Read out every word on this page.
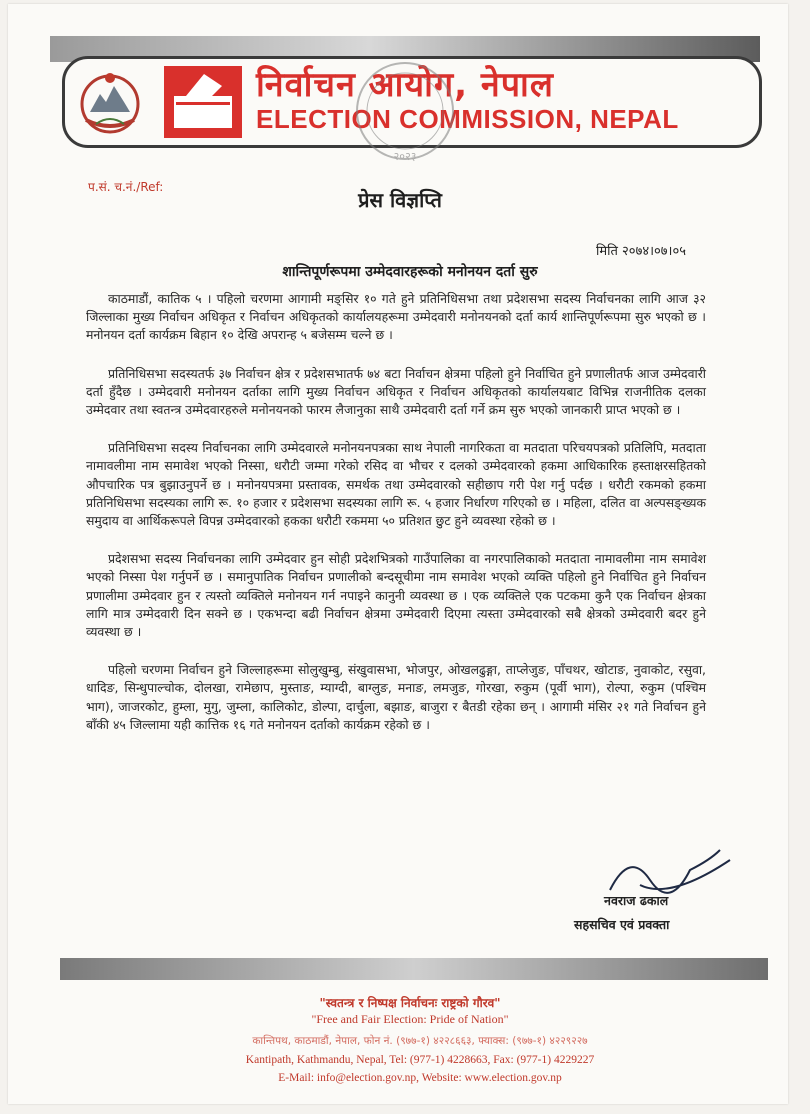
निर्वाचन आयोग, नेपाल
ELECTION COMMISSION, NEPAL
२०२३
प.सं. च.नं./Ref:
प्रेस विज्ञप्ति
मिति २०७४।०७।०५
शान्तिपूर्णरूपमा उम्मेदवारहरूको मनोनयन दर्ता सुरु

काठमाडौं, कातिक ५ । पहिलो चरणमा आगामी मङ्सिर १० गते हुने प्रतिनिधिसभा तथा प्रदेशसभा सदस्य निर्वाचनका लागि आज ३२ जिल्लाका मुख्य निर्वाचन अधिकृत र निर्वाचन अधिकृतको कार्यालयहरूमा उम्मेदवारी मनोनयनको दर्ता कार्य शान्तिपूर्णरूपमा सुरु भएको छ । मनोनयन दर्ता कार्यक्रम बिहान १० देखि अपरान्ह ५ बजेसम्म चल्ने छ ।

प्रतिनिधिसभा सदस्यतर्फ ३७ निर्वाचन क्षेत्र र प्रदेशसभातर्फ ७४ बटा निर्वाचन क्षेत्रमा पहिलो हुने निर्वाचित हुने प्रणालीतर्फ आज उम्मेदवारी दर्ता हुँदैछ । उम्मेदवारी मनोनयन दर्ताका लागि मुख्य निर्वाचन अधिकृत र निर्वाचन अधिकृतको कार्यालयबाट विभिन्न राजनीतिक दलका उम्मेदवार तथा स्वतन्त्र उम्मेदवारहरुले मनोनयनको फारम लैजानुका साथै उम्मेदवारी दर्ता गर्ने क्रम सुरु भएको जानकारी प्राप्त भएको छ ।

प्रतिनिधिसभा सदस्य निर्वाचनका लागि उम्मेदवारले मनोनयनपत्रका साथ नेपाली नागरिकता वा मतदाता परिचयपत्रको प्रतिलिपि, मतदाता नामावलीमा नाम समावेश भएको निस्सा, धरौटी जम्मा गरेको रसिद वा भौचर र दलको उम्मेदवारको हकमा आधिकारिक हस्ताक्षरसहितको औपचारिक पत्र बुझाउनुपर्ने छ । मनोनयपत्रमा प्रस्तावक, समर्थक तथा उम्मेदवारको सहीछाप गरी पेश गर्नु पर्दछ । धरौटी रकमको हकमा प्रतिनिधिसभा सदस्यका लागि रू. १० हजार र प्रदेशसभा सदस्यका लागि रू. ५ हजार निर्धारण गरिएको छ । महिला, दलित वा अल्पसङ्ख्यक समुदाय वा आर्थिकरूपले विपन्न उम्मेदवारको हकका धरौटी रकममा ५० प्रतिशत छुट हुने व्यवस्था रहेको छ ।

प्रदेशसभा सदस्य निर्वाचनका लागि उम्मेदवार हुन सोही प्रदेशभित्रको गाउँपालिका वा नगरपालिकाको मतदाता नामावलीमा नाम समावेश भएको निस्सा पेश गर्नुपर्ने छ । समानुपातिक निर्वाचन प्रणालीको बन्दसूचीमा नाम समावेश भएको व्यक्ति पहिलो हुने निर्वाचित हुने निर्वाचन प्रणालीमा उम्मेदवार हुन र त्यस्तो व्यक्तिले मनोनयन गर्न नपाइने कानुनी व्यवस्था छ । एक व्यक्तिले एक पटकमा कुनै एक निर्वाचन क्षेत्रका लागि मात्र उम्मेदवारी दिन सक्ने छ । एकभन्दा बढी निर्वाचन क्षेत्रमा उम्मेदवारी दिएमा त्यस्ता उम्मेदवारको सबै क्षेत्रको उम्मेदवारी बदर हुने व्यवस्था छ ।

पहिलो चरणमा निर्वाचन हुने जिल्लाहरूमा सोलुखुम्बु, संखुवासभा, भोजपुर, ओखलढुङ्गा, ताप्लेजुङ, पाँचथर, खोटाङ, नुवाकोट, रसुवा, धादिङ, सिन्धुपाल्चोक, दोलखा, रामेछाप, मुस्ताङ, म्याग्दी, बाग्लुङ, मनाङ, लमजुङ, गोरखा, रुकुम (पूर्वी भाग), रोल्पा, रुकुम (पश्चिम भाग), जाजरकोट, हुम्ला, मुगु, जुम्ला, कालिकोट, डोल्पा, दार्चुला, बझाङ, बाजुरा र बैतडी रहेका छन् । आगामी मंसिर २१ गते निर्वाचन हुने बाँकी ४५ जिल्लामा यही कात्तिक १६ गते मनोनयन दर्ताको कार्यक्रम रहेको छ ।

नवराज ढकाल
सहसचिव एवं प्रवक्ता
"स्वतन्त्र र निष्पक्ष निर्वाचनः राष्ट्रको गौरव"
"Free and Fair Election: Pride of Nation"
कान्तिपथ, काठमाडौं, नेपाल, फोन नं. (९७७-१) ४२२८६६३, फ्याक्स: (९७७-१) ४२२९२२७
Kantipath, Kathmandu, Nepal, Tel: (977-1) 4228663, Fax: (977-1) 4229227
E-Mail: info@election.gov.np, Website: www.election.gov.np
